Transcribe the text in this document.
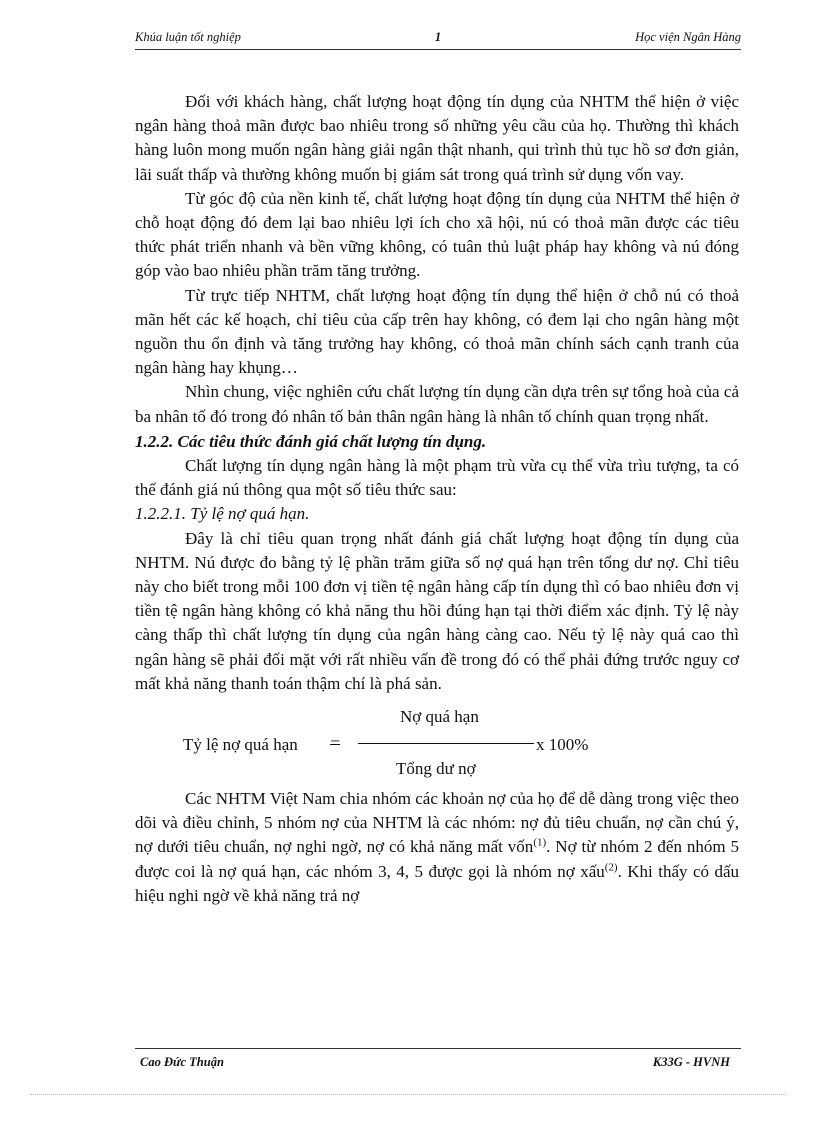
Khúa luận tốt nghiệp	1	Học viện Ngân Hàng

Đối với khách hàng, chất lượng hoạt động tín dụng của NHTM thể hiện ở việc ngân hàng thoả mãn được bao nhiêu trong số những yêu cầu của họ. Thường thì khách hàng luôn mong muốn ngân hàng giải ngân thật nhanh, qui trình thủ tục hồ sơ đơn giản, lãi suất thấp và thường không muốn bị giám sát trong quá trình sử dụng vốn vay.

Từ góc độ của nền kinh tế, chất lượng hoạt động tín dụng của NHTM thể hiện ở chỗ hoạt động đó đem lại bao nhiêu lợi ích cho xã hội, nú có thoả mãn được các tiêu thức phát triển nhanh và bền vững không, có tuân thủ luật pháp hay không và nú đóng góp vào bao nhiêu phần trăm tăng trưởng.

Từ trực tiếp NHTM, chất lượng hoạt động tín dụng thể hiện ở chỗ nú có thoả mãn hết các kế hoạch, chỉ tiêu của cấp trên hay không, có đem lại cho ngân hàng một nguồn thu ổn định và tăng trưởng hay không, có thoả mãn chính sách cạnh tranh của ngân hàng hay khụng…

Nhìn chung, việc nghiên cứu chất lượng tín dụng cần dựa trên sự tổng hoà của cả ba nhân tố đó trong đó nhân tố bản thân ngân hàng là nhân tố chính quan trọng nhất.

1.2.2. Các tiêu thức đánh giá chất lượng tín dụng.

Chất lượng tín dụng ngân hàng là một phạm trù vừa cụ thể vừa trìu tượng, ta có thể đánh giá nú thông qua một số tiêu thức sau:

1.2.2.1. Tỷ lệ nợ quá hạn.

Đây là chỉ tiêu quan trọng nhất đánh giá chất lượng hoạt động tín dụng của NHTM. Nú được đo bằng tỷ lệ phần trăm giữa số nợ quá hạn trên tổng dư nợ. Chỉ tiêu này cho biết trong mỗi 100 đơn vị tiền tệ ngân hàng cấp tín dụng thì có bao nhiêu đơn vị tiền tệ ngân hàng không có khả năng thu hồi đúng hạn tại thời điểm xác định. Tỷ lệ này càng thấp thì chất lượng tín dụng của ngân hàng càng cao. Nếu tỷ lệ này quá cao thì ngân hàng sẽ phải đối mặt với rất nhiều vấn đề trong đó có thể phải đứng trước nguy cơ mất khả năng thanh toán thậm chí là phá sản.

Tỷ lệ nợ quá hạn =
Nợ quá hạn
x 100%
Tổng dư nợ

Các NHTM Việt Nam chia nhóm các khoản nợ của họ để dễ dàng trong việc theo dõi và điều chỉnh, 5 nhóm nợ của NHTM là các nhóm: nợ đủ tiêu chuẩn, nợ cần chú ý, nợ dưới tiêu chuẩn, nợ nghi ngờ, nợ có khả năng mất vốn$^{(1)}$. Nợ từ nhóm 2 đến nhóm 5 được coi là nợ quá hạn, các nhóm 3, 4, 5 được gọi là nhóm nợ xấu$^{(2)}$. Khi thấy có dấu hiệu nghi ngờ về khả năng trả nợ

Cao Đức Thuận	K33G - HVNH
